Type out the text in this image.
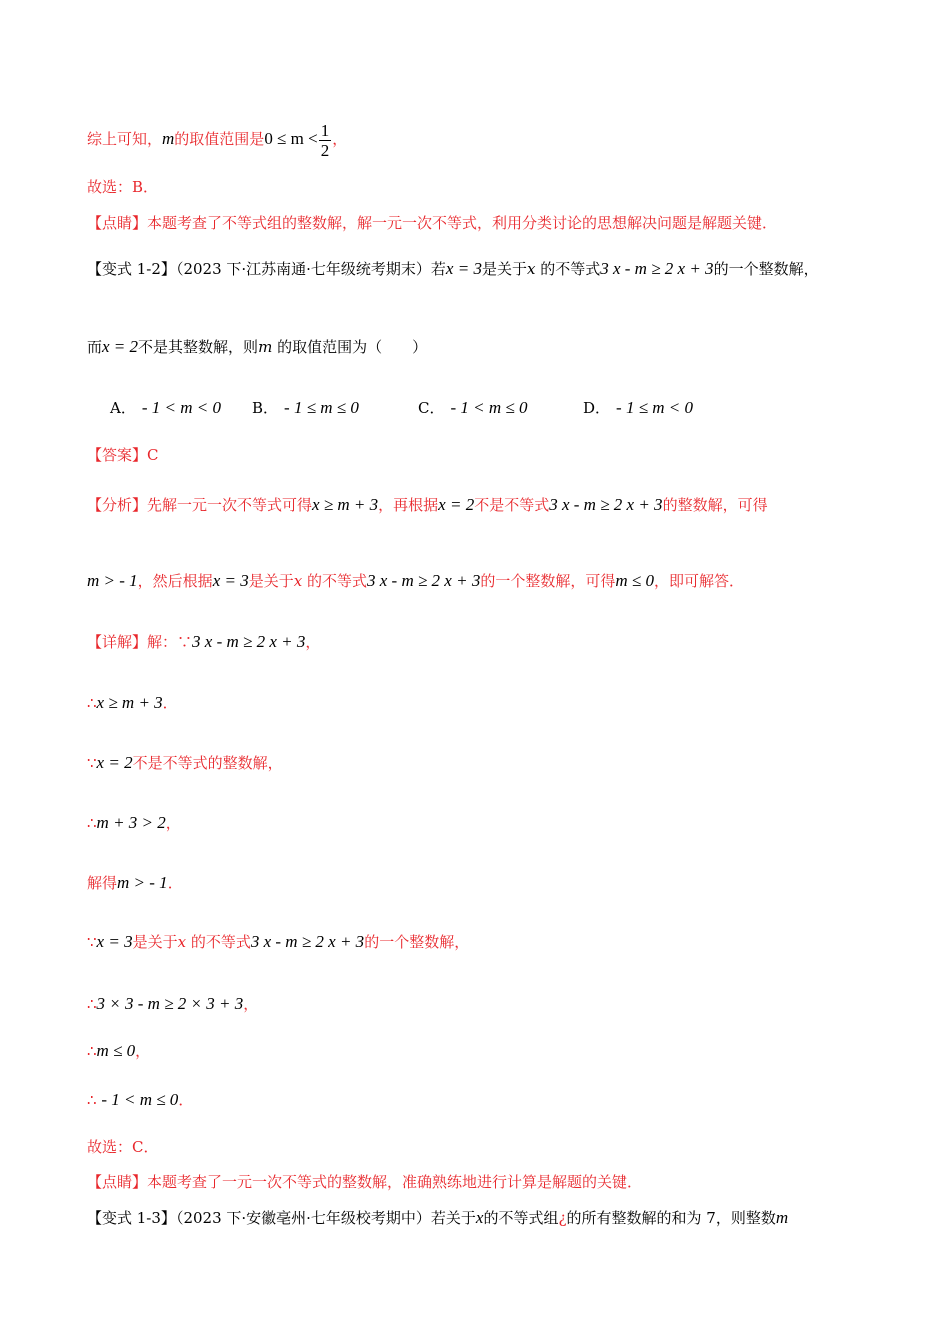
综上可知，m的取值范围是$0 \le m < \frac{1}{2}$ ，
故选：B．
【点睛】本题考查了不等式组的整数解，解一元一次不等式，利用分类讨论的思想解决问题是解题关键．
【变式 1-2】（2023 下·江苏南通·七年级统考期末）若x = 3是关于x 的不等式3 x - m ≥ 2 x + 3的一个整数解，
而x = 2不是其整数解，则m 的取值范围为（　　）
A． - 1 < m < 0 B． - 1 ≤ m ≤ 0	C． - 1 < m ≤ 0	D． - 1 ≤ m < 0
【答案】C
【分析】先解一元一次不等式可得x ≥ m + 3，再根据x = 2不是不等式3 x - m ≥ 2 x + 3的整数解，可得
m > - 1，然后根据x = 3是关于x 的不等式3 x - m ≥ 2 x + 3的一个整数解，可得m ≤ 0，即可解答．
【详解】解：∵3 x - m ≥ 2 x + 3，
∴x ≥ m + 3．
∵x = 2不是不等式的整数解，
∴m + 3 > 2，
解得m > - 1．
∵x = 3是关于x 的不等式3 x - m ≥ 2 x + 3的一个整数解，
∴3 × 3 - m ≥ 2 × 3 + 3，
∴m ≤ 0，
∴ - 1 < m ≤ 0．
故选：C．
【点睛】本题考查了一元一次不等式的整数解，准确熟练地进行计算是解题的关键．
【变式 1-3】（2023 下·安徽亳州·七年级校考期中）若关于x的不等式组¿的所有整数解的和为 7，则整数m
